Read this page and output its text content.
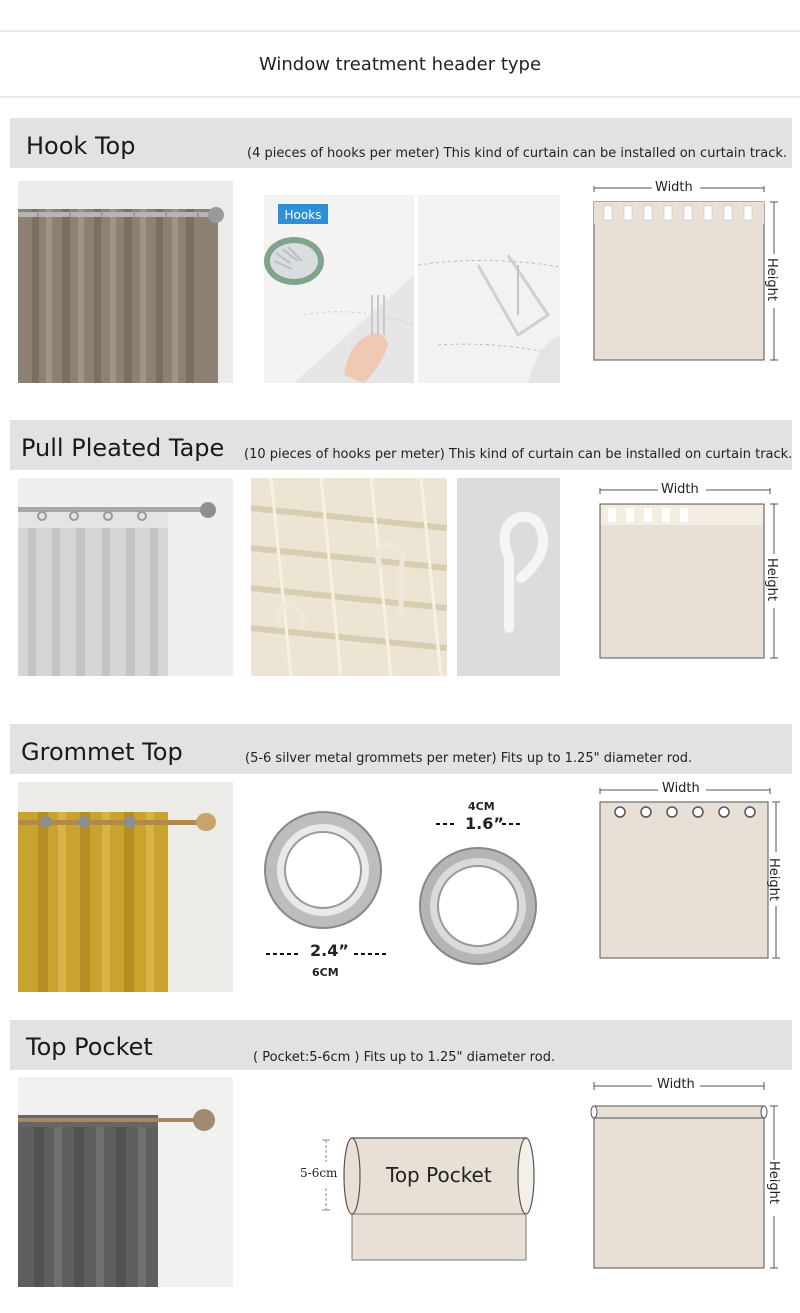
Window treatment header type
Hook Top	(4 pieces of hooks per meter) This kind of curtain can be installed on curtain track.
Hooks
Width
Height
Pull Pleated Tape (10 pieces of hooks per meter) This kind of curtain can be installed on curtain track.
Width
Height
Grommet Top	(5-6 silver metal grommets per meter) Fits up to 1.25" diameter rod.
2.4”
6CM
4CM
1.6”
Width
Height
Top Pocket	( Pocket:5-6cm ) Fits up to 1.25" diameter rod.
5-6cm Top Pocket
Width
Height
